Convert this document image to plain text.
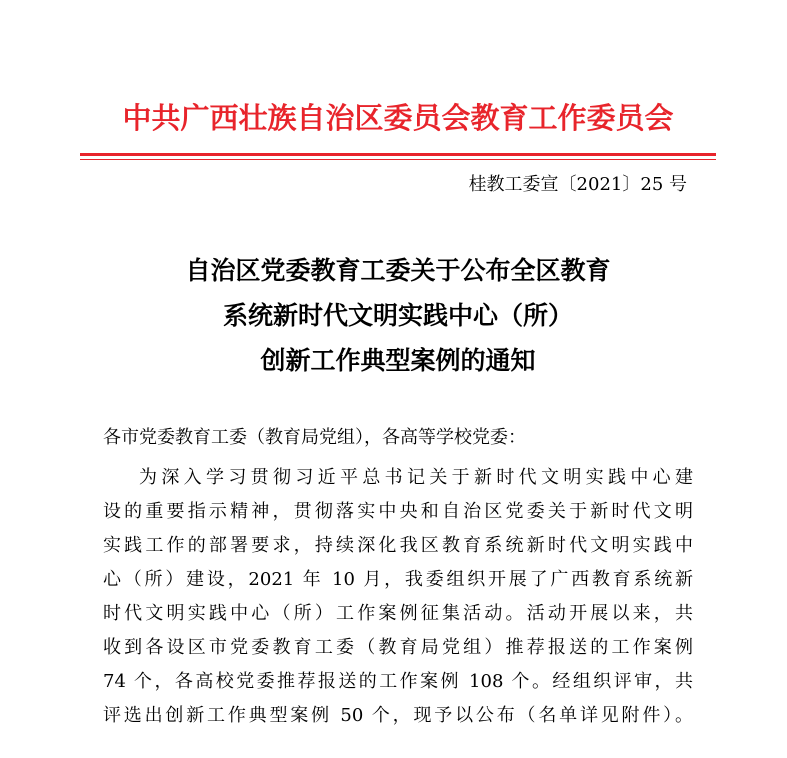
中共广西壮族自治区委员会教育工作委员会
桂教工委宣〔2021〕25 号
自治区党委教育工委关于公布全区教育
系统新时代文明实践中心（所）
创新工作典型案例的通知
各市党委教育工委（教育局党组），各高等学校党委：
为深入学习贯彻习近平总书记关于新时代文明实践中心建
设的重要指示精神，贯彻落实中央和自治区党委关于新时代文明
实践工作的部署要求，持续深化我区教育系统新时代文明实践中
心（所）建设，2021 年 10 月，我委组织开展了广西教育系统新
时代文明实践中心（所）工作案例征集活动。活动开展以来，共
收到各设区市党委教育工委（教育局党组）推荐报送的工作案例
74 个，各高校党委推荐报送的工作案例 108 个。经组织评审，共
评选出创新工作典型案例 50 个，现予以公布（名单详见附件）。
